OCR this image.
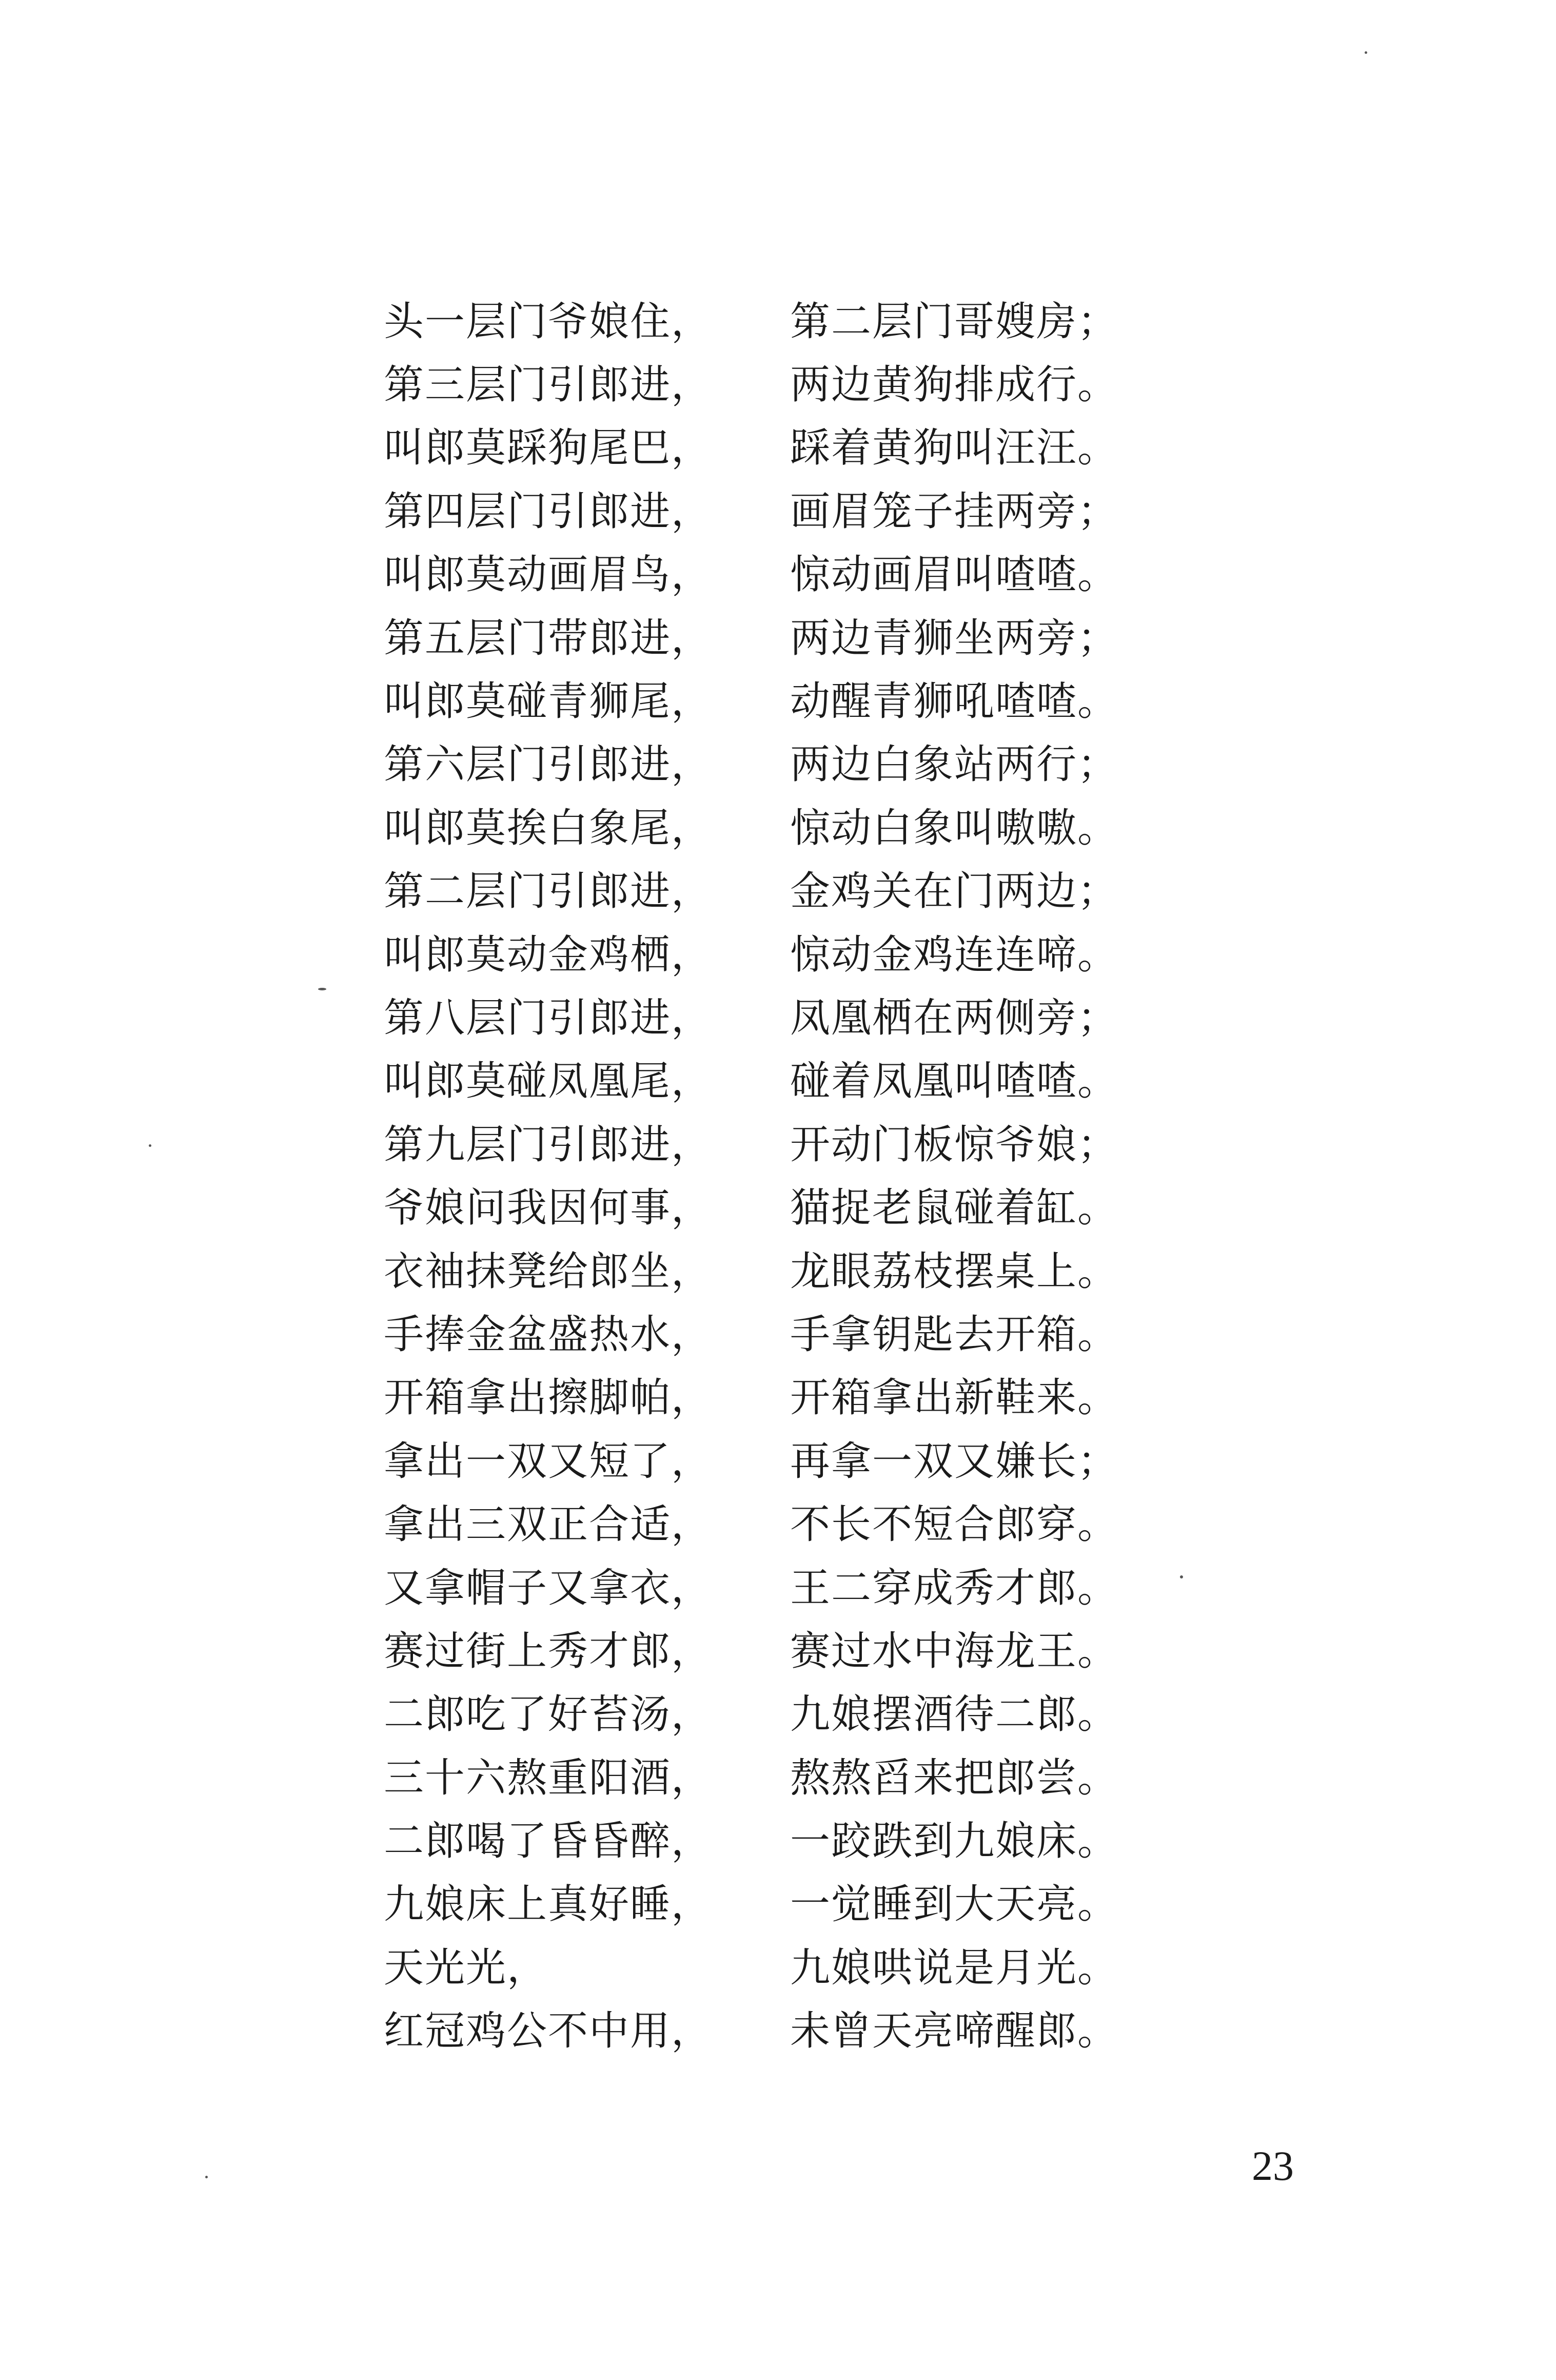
头一层门爷娘住，	第二层门哥嫂房；
第三层门引郎进，	两边黄狗排成行。
叫郎莫踩狗尾巴，	踩着黄狗叫汪汪。
第四层门引郎进，	画眉笼子挂两旁；
叫郎莫动画眉鸟，	惊动画眉叫喳喳。
第五层门带郎进，	两边青狮坐两旁；
叫郎莫碰青狮尾，	动醒青狮吼喳喳。
第六层门引郎进，	两边白象站两行；
叫郎莫挨白象尾，	惊动白象叫嗷嗷。
第二层门引郎进，	金鸡关在门两边；
叫郎莫动金鸡栖，	惊动金鸡连连啼。
第八层门引郎进，	凤凰栖在两侧旁；
叫郎莫碰凤凰尾，	碰着凤凰叫喳喳。
第九层门引郎进，	开动门板惊爷娘；
爷娘问我因何事，	猫捉老鼠碰着缸。
衣袖抹凳给郎坐，	龙眼荔枝摆桌上。
手捧金盆盛热水，	手拿钥匙去开箱。
开箱拿出擦脚帕，	开箱拿出新鞋来。
拿出一双又短了，	再拿一双又嫌长；
拿出三双正合适，	不长不短合郎穿。
又拿帽子又拿衣，	王二穿成秀才郎。
赛过街上秀才郎，	赛过水中海龙王。
二郎吃了好苔汤，	九娘摆酒待二郎。
三十六熬重阳酒，	熬熬舀来把郎尝。
二郎喝了昏昏醉，	一跤跌到九娘床。
九娘床上真好睡，	一觉睡到大天亮。
天光光，	九娘哄说是月光。
红冠鸡公不中用，	未曾天亮啼醒郎。
23
